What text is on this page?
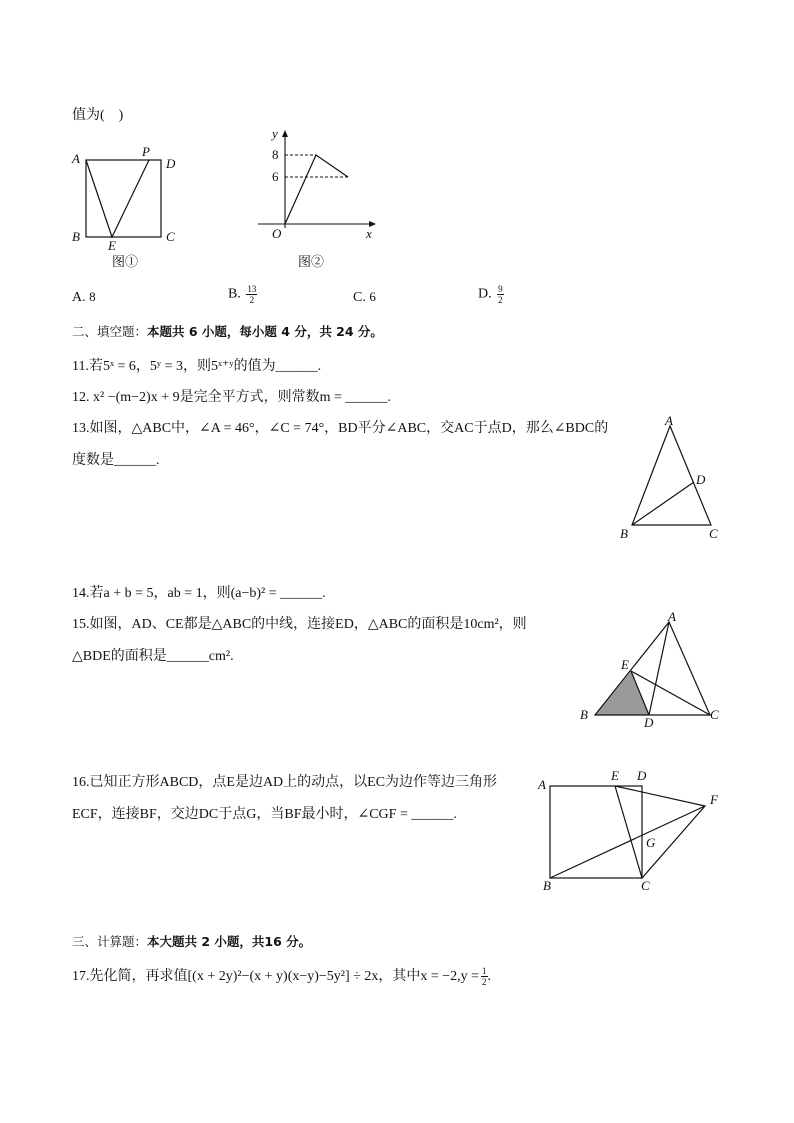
值为(　)
A	P
D
B
E
C
图①
y
8
6
O	x
图②
A. 8	B. $\frac{13}{2}$	C. 6	D. $\frac{9}{2}$
二、填空题：本题共 6 小题，每小题 4 分，共 24 分。
11.若5ˣ = 6，5ʸ = 3，则5ˣ⁺ʸ的值为______.
12. x² −(m−2)x + 9是完全平方式，则常数m = ______.
13.如图，△ABC中，∠A = 46°，∠C = 74°，BD平分∠ABC，交AC于点D，那么∠BDC的
度数是______.
A
D
B	C
14.若a + b = 5，ab = 1，则(a−b)² = ______.
15.如图，AD、CE都是△ABC的中线，连接ED，△ABC的面积是10cm²，则
△BDE的面积是______cm².
A
E
B
D
C
16.已知正方形ABCD，点E是边AD上的动点，以EC为边作等边三角形
ECF，连接BF，交边DC于点G，当BF最小时，∠CGF = ______.
A
E D
F
G
B	C
三、计算题：本大题共 2 小题，共16 分。
17.先化简，再求值[(x + 2y)²−(x + y)(x−y)−5y²] ÷ 2x，其中$x = -2,y = \frac{1}{2}$ .
